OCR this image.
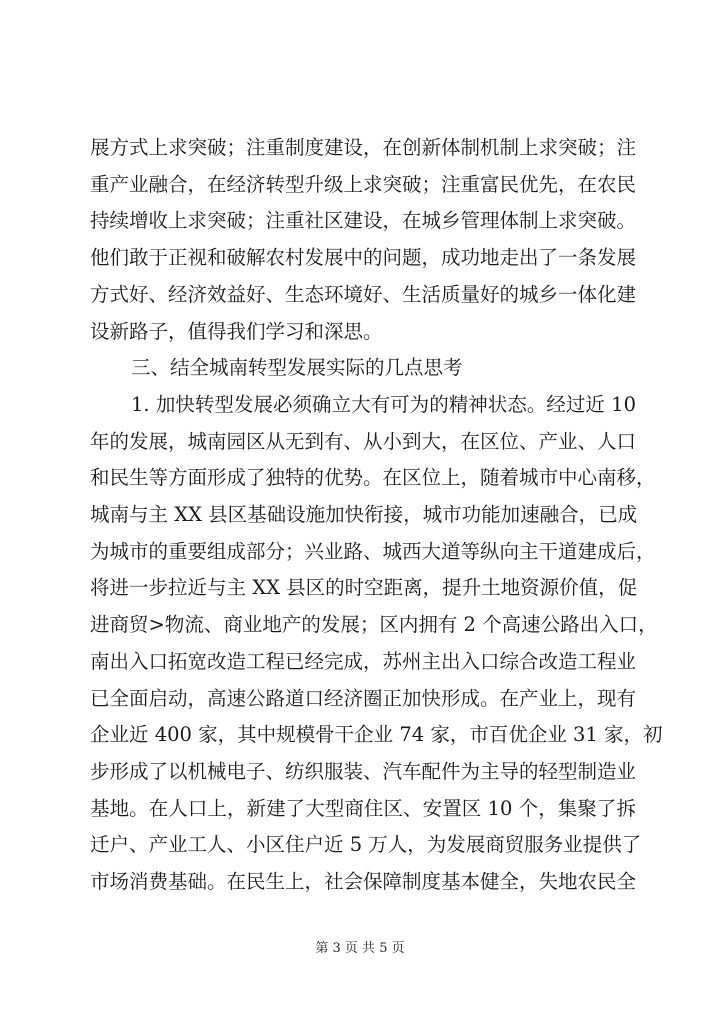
展方式上求突破；注重制度建设，在创新体制机制上求突破；注
重产业融合，在经济转型升级上求突破；注重富民优先，在农民
持续增收上求突破；注重社区建设，在城乡管理体制上求突破。
他们敢于正视和破解农村发展中的问题，成功地走出了一条发展
方式好、经济效益好、生态环境好、生活质量好的城乡一体化建
设新路子，值得我们学习和深思。
三、结全城南转型发展实际的几点思考
1. 加快转型发展必须确立大有可为的精神状态。经过近 10
年的发展，城南园区从无到有、从小到大，在区位、产业、人口
和民生等方面形成了独特的优势。在区位上，随着城市中心南移，
城南与主 XX 县区基础设施加快衔接，城市功能加速融合，已成
为城市的重要组成部分；兴业路、城西大道等纵向主干道建成后，
将进一步拉近与主 XX 县区的时空距离，提升土地资源价值，促
进商贸>物流、商业地产的发展；区内拥有 2 个高速公路出入口，
南出入口拓宽改造工程已经完成，苏州主出入口综合改造工程业
已全面启动，高速公路道口经济圈正加快形成。在产业上，现有
企业近 400 家，其中规模骨干企业 74 家，市百优企业 31 家，初
步形成了以机械电子、纺织服装、汽车配件为主导的轻型制造业
基地。在人口上，新建了大型商住区、安置区 10 个，集聚了拆
迁户、产业工人、小区住户近 5 万人，为发展商贸服务业提供了
市场消费基础。在民生上，社会保障制度基本健全，失地农民全
第 3 页 共 5 页
